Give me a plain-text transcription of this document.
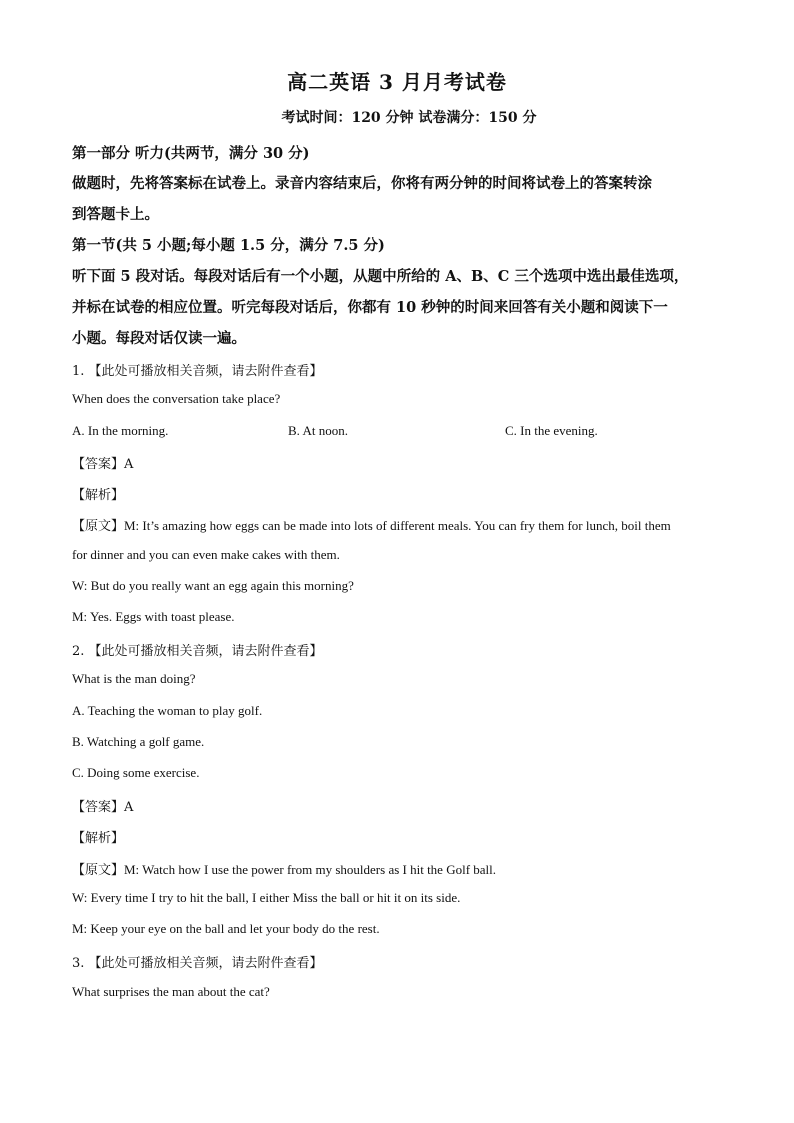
高二英语 3 月月考试卷
考试时间：120 分钟 试卷满分：150 分
第一部分 听力(共两节，满分 30 分)
做题时，先将答案标在试卷上。录音内容结束后，你将有两分钟的时间将试卷上的答案转涂
到答题卡上。
第一节(共 5 小题;每小题 1.5 分，满分 7.5 分)
听下面 5 段对话。每段对话后有一个小题，从题中所给的 A、B、C 三个选项中选出最佳选项，
并标在试卷的相应位置。听完每段对话后，你都有 10 秒钟的时间来回答有关小题和阅读下一
小题。每段对话仅读一遍。
1. 【此处可播放相关音频，请去附件查看】
When does the conversation take place?
A. In the morning.	B. At noon.	C. In the evening.
【答案】A
【解析】
【原文】M: It’s amazing how eggs can be made into lots of different meals. You can fry them for lunch, boil them
for dinner and you can even make cakes with them.
W: But do you really want an egg again this morning?
M: Yes. Eggs with toast please.
2. 【此处可播放相关音频，请去附件查看】
What is the man doing?
A. Teaching the woman to play golf.
B. Watching a golf game.
C. Doing some exercise.
【答案】A
【解析】
【原文】M: Watch how I use the power from my shoulders as I hit the Golf ball.
W: Every time I try to hit the ball, I either Miss the ball or hit it on its side.
M: Keep your eye on the ball and let your body do the rest.
3. 【此处可播放相关音频，请去附件查看】
What surprises the man about the cat?
